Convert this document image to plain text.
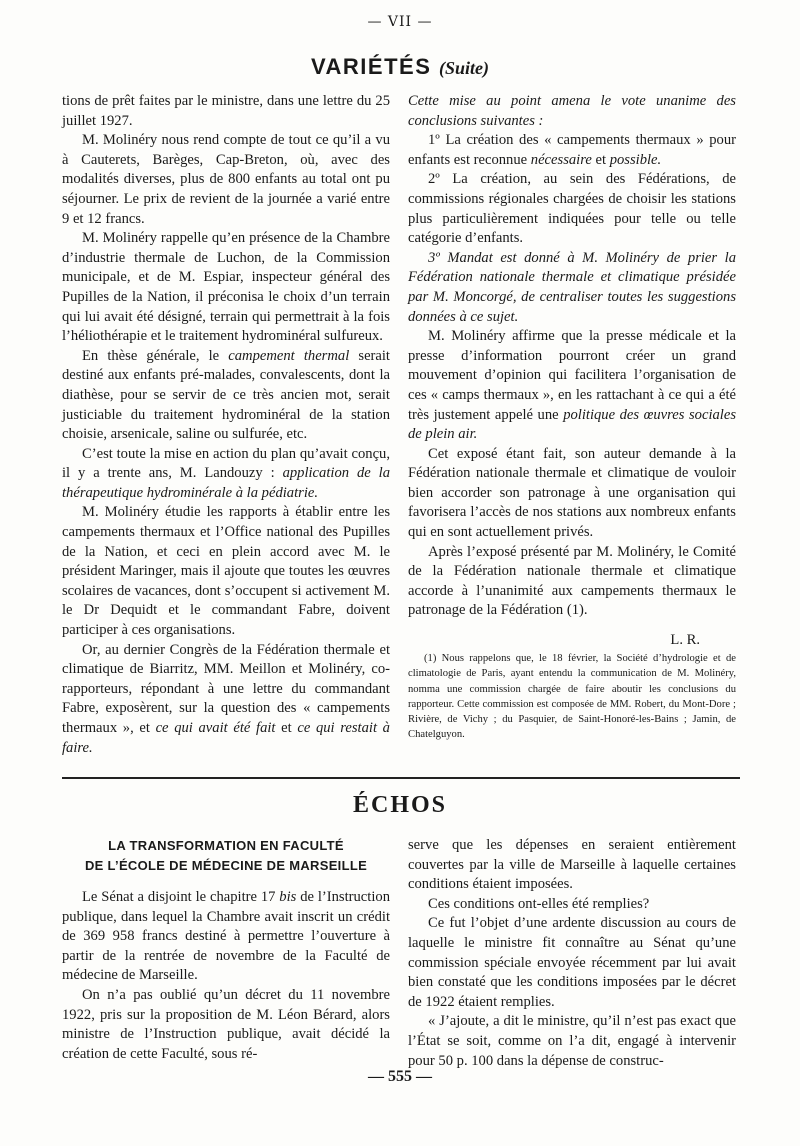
— VII —
VARIÉTÉS (Suite)

tions de prêt faites par le ministre, dans une lettre du 25 juillet 1927.

M. Molinéry nous rend compte de tout ce qu’il a vu à Cauterets, Barèges, Cap-Breton, où, avec des modalités diverses, plus de 800 enfants au total ont pu séjourner. Le prix de revient de la journée a varié entre 9 et 12 francs.

M. Molinéry rappelle qu’en présence de la Chambre d’industrie thermale de Luchon, de la Commission municipale, et de M. Espiar, inspecteur général des Pupilles de la Nation, il préconisa le choix d’un terrain qui lui avait été désigné, terrain qui permettrait à la fois l’héliothérapie et le traitement hydrominéral sulfureux.

En thèse générale, le campement thermal serait destiné aux enfants pré-malades, convalescents, dont la diathèse, pour se servir de ce très ancien mot, serait justiciable du traitement hydrominéral de la station choisie, arsenicale, saline ou sulfurée, etc.

C’est toute la mise en action du plan qu’avait conçu, il y a trente ans, M. Landouzy : application de la thérapeutique hydrominérale à la pédiatrie.

M. Molinéry étudie les rapports à établir entre les campements thermaux et l’Office national des Pupilles de la Nation, et ceci en plein accord avec M. le président Maringer, mais il ajoute que toutes les œuvres scolaires de vacances, dont s’occupent si activement M. le Dr Dequidt et le commandant Fabre, doivent participer à ces organisations.

Or, au dernier Congrès de la Fédération thermale et climatique de Biarritz, MM. Meillon et Molinéry, co-rapporteurs, répondant à une lettre du commandant Fabre, exposèrent, sur la question des « campements thermaux », et ce qui avait été fait et ce qui restait à faire.

Cette mise au point amena le vote unanime des conclusions suivantes :

1º La création des « campements thermaux » pour enfants est reconnue nécessaire et possible.

2º La création, au sein des Fédérations, de commissions régionales chargées de choisir les stations plus particulièrement indiquées pour telle ou telle catégorie d’enfants.

3º Mandat est donné à M. Molinéry de prier la Fédération nationale thermale et climatique présidée par M. Moncorgé, de centraliser toutes les suggestions données à ce sujet.

M. Molinéry affirme que la presse médicale et la presse d’information pourront créer un grand mouvement d’opinion qui facilitera l’organisation de ces « camps thermaux », en les rattachant à ce qui a été très justement appelé une politique des œuvres sociales de plein air.

Cet exposé étant fait, son auteur demande à la Fédération nationale thermale et climatique de vouloir bien accorder son patronage à une organisation qui favorisera l’accès de nos stations aux nombreux enfants qui en sont actuellement privés.

Après l’exposé présenté par M. Molinéry, le Comité de la Fédération nationale thermale et climatique accorde à l’unanimité aux campements thermaux le patronage de la Fédération (1).

L. R.

(1) Nous rappelons que, le 18 février, la Société d’hydrologie et de climatologie de Paris, ayant entendu la communication de M. Molinéry, nomma une commission chargée de faire aboutir les conclusions du rapporteur. Cette commission est composée de MM. Robert, du Mont-Dore ; Rivière, de Vichy ; du Pasquier, de Saint-Honoré-les-Bains ; Jamin, de Chatelguyon.

ÉCHOS
LA TRANSFORMATION EN FACULTÉ
DE L’ÉCOLE DE MÉDECINE DE MARSEILLE

Le Sénat a disjoint le chapitre 17 bis de l’Instruction publique, dans lequel la Chambre avait inscrit un crédit de 369 958 francs destiné à permettre l’ouverture à partir de la rentrée de novembre de la Faculté de médecine de Marseille.

On n’a pas oublié qu’un décret du 11 novembre 1922, pris sur la proposition de M. Léon Bérard, alors ministre de l’Instruction publique, avait décidé la création de cette Faculté, sous ré-

serve que les dépenses en seraient entièrement couvertes par la ville de Marseille à laquelle certaines conditions étaient imposées.

Ces conditions ont-elles été remplies?

Ce fut l’objet d’une ardente discussion au cours de laquelle le ministre fit connaître au Sénat qu’une commission spéciale envoyée récemment par lui avait bien constaté que les conditions imposées par le décret de 1922 étaient remplies.

« J’ajoute, a dit le ministre, qu’il n’est pas exact que l’État se soit, comme on l’a dit, engagé à intervenir pour 50 p. 100 dans la dépense de construc-

— 555 —
